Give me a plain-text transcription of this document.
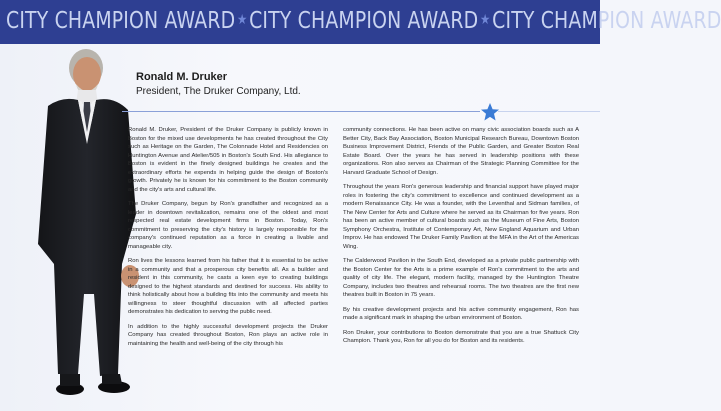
CITY CHAMPION AWARD ★CITY CHAMPION AWARD ★CITY CHAMPION AWARD
Ronald M. Druker
President, The Druker Company, Ltd.

Ronald M. Druker, President of the Druker Company is publicly known in Boston for the mixed use developments he has created throughout the City such as Heritage on the Garden, The Colonnade Hotel and Residencies on Huntington Avenue and Atelier/505 in Boston's South End. His allegiance to Boston is evident in the finely designed buildings he creates and the extraordinary efforts he expends in helping guide the design of Boston's growth. Privately he is known for his commitment to the Boston community and the city's arts and cultural life.

The Druker Company, begun by Ron's grandfather and recognized as a leader in downtown revitalization, remains one of the oldest and most respected real estate development firms in Boston. Today, Ron's commitment to preserving the city's history is largely responsible for the company's continued reputation as a force in creating a livable and manageable city.

Ron lives the lessons learned from his father that it is essential to be active in a community and that a prosperous city benefits all. As a builder and resident in this community, he casts a keen eye to creating buildings designed to the highest standards and destined for success. His ability to think holistically about how a building fits into the community and meets his willingness to steer thoughtful discussion with all affected parties demonstrates his dedication to serving the public need.

In addition to the highly successful development projects the Druker Company has created throughout Boston, Ron plays an active role in maintaining the health and well-being of the city through his

community connections. He has been active on many civic association boards such as A Better City, Back Bay Association, Boston Municipal Research Bureau, Downtown Boston Business Improvement District, Friends of the Public Garden, and Greater Boston Real Estate Board. Over the years he has served in leadership positions with these organizations. Ron also serves as Chairman of the Strategic Planning Committee for the Harvard Graduate School of Design.

Throughout the years Ron's generous leadership and financial support have played major roles in fostering the city's commitment to excellence and continued development as a modern Renaissance City. He was a founder, with the Leventhal and Sidman families, of The New Center for Arts and Culture where he served as its Chairman for five years. Ron has been an active member of cultural boards such as the Museum of Fine Arts, Boston Symphony Orchestra, Institute of Contemporary Art, New England Aquarium and Urban Improv. He has endowed The Druker Family Pavilion at the MFA in the Art of the Americas Wing.

The Calderwood Pavilion in the South End, developed as a private public partnership with the Boston Center for the Arts is a prime example of Ron's commitment to the arts and quality of city life. The elegant, modern facility, managed by the Huntington Theatre Company, includes two theatres and rehearsal rooms. The two theatres are the first new theatres built in Boston in 75 years.

By his creative development projects and his active community engagement, Ron has made a significant mark in shaping the urban environment of Boston.

Ron Druker, your contributions to Boston demonstrate that you are a true Shattuck City Champion. Thank you, Ron for all you do for Boston and its residents.
